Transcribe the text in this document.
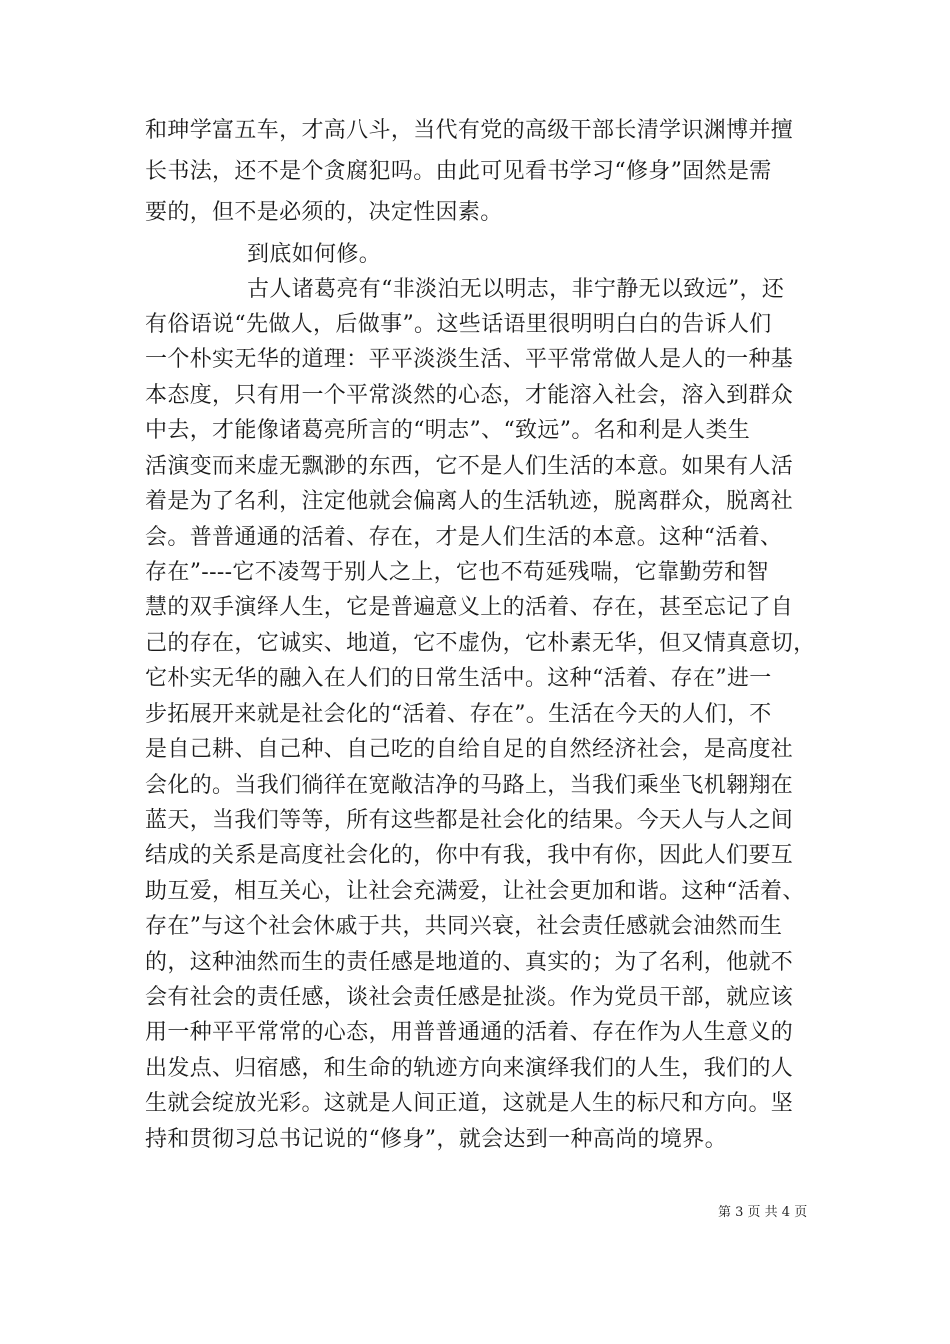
和珅学富五车，才高八斗，当代有党的高级干部长清学识渊博并擅
长书法，还不是个贪腐犯吗。由此可见看书学习“修身”固然是需
要的，但不是必须的，决定性因素。
到底如何修。
古人诸葛亮有“非淡泊无以明志，非宁静无以致远”，还
有俗语说“先做人，后做事”。这些话语里很明明白白的告诉人们
一个朴实无华的道理：平平淡淡生活、平平常常做人是人的一种基
本态度，只有用一个平常淡然的心态，才能溶入社会，溶入到群众
中去，才能像诸葛亮所言的“明志”、“致远”。名和利是人类生
活演变而来虚无飘渺的东西，它不是人们生活的本意。如果有人活
着是为了名利，注定他就会偏离人的生活轨迹，脱离群众，脱离社
会。普普通通的活着、存在，才是人们生活的本意。这种“活着、
存在”----它不凌驾于别人之上，它也不苟延残喘，它靠勤劳和智
慧的双手演绎人生，它是普遍意义上的活着、存在，甚至忘记了自
己的存在，它诚实、地道，它不虚伪，它朴素无华，但又情真意切，
它朴实无华的融入在人们的日常生活中。这种“活着、存在”进一
步拓展开来就是社会化的“活着、存在”。生活在今天的人们，不
是自己耕、自己种、自己吃的自给自足的自然经济社会，是高度社
会化的。当我们徜徉在宽敞洁净的马路上，当我们乘坐飞机翱翔在
蓝天，当我们等等，所有这些都是社会化的结果。今天人与人之间
结成的关系是高度社会化的，你中有我，我中有你，因此人们要互
助互爱，相互关心，让社会充满爱，让社会更加和谐。这种“活着、
存在”与这个社会休戚于共，共同兴衰，社会责任感就会油然而生
的，这种油然而生的责任感是地道的、真实的；为了名利，他就不
会有社会的责任感，谈社会责任感是扯淡。作为党员干部，就应该
用一种平平常常的心态，用普普通通的活着、存在作为人生意义的
出发点、归宿感，和生命的轨迹方向来演绎我们的人生，我们的人
生就会绽放光彩。这就是人间正道，这就是人生的标尺和方向。坚
持和贯彻习总书记说的“修身”，就会达到一种高尚的境界。
第 3 页 共 4 页
